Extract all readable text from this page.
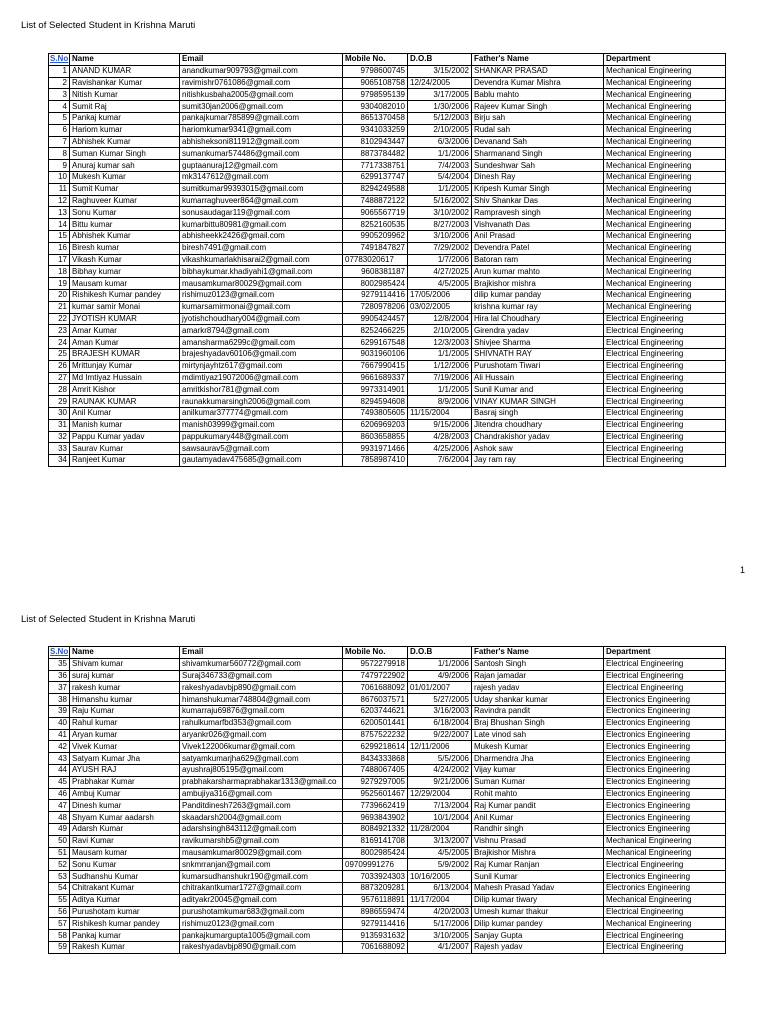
List of Selected Student in Krishna Maruti
S.No	Name	Email	Mobile No.	D.O.B	Father's Name	Department
1	ANAND KUMAR	anandkumar909793@gmail.com	9798600745	3/15/2002	SHANKAR PRASAD	Mechanical Engineering
2	Ravishankar Kumar	ravimishr0761086@gmail.com	9065108758	12/24/2005	Devendra Kumar Mishra	Mechanical Engineering
3	Nitish Kumar	nitishkusbaha2005@gmail.com	9798595139	3/17/2005	Bablu mahto	Mechanical Engineering
4	Sumit Raj	sumit30jan2006@gmail.com	9304082010	1/30/2006	Rajeev Kumar Singh	Mechanical Engineering
5	Pankaj kumar	pankajkumar785899@gmail.com	8651370458	5/12/2003	Birju sah	Mechanical Engineering
6	Hariom kumar	hariomkumar9341@gmail.com	9341033259	2/10/2005	Rudal sah	Mechanical Engineering
7	Abhishek Kumar	abhisheksoni811912@gmail.com	8102943447	6/3/2006	Devanand Sah	Mechanical Engineering
8	Suman Kumar Singh	sumankumar574486@gmail.com	8873784482	1/1/2006	Sharmanand Singh	Mechanical Engineering
9	Anuraj kumar sah	guptaanuraj12@gmail.com	7717338751	7/4/2003	Sundeshwar Sah	Mechanical Engineering
10	Mukesh Kumar	mk3147612@gmail.com	6299137747	5/4/2004	Dinesh Ray	Mechanical Engineering
11	Sumit Kumar	sumitkumar99393015@gmail.com	8294249588	1/1/2005	Kripesh Kumar Singh	Mechanical Engineering
12	Raghuveer Kumar	kumarraghuveer864@gmail.com	7488872122	5/16/2002	Shiv Shankar Das	Mechanical Engineering
13	Sonu Kumar	sonusaudagar119@gmail.com	9065567719	3/10/2002	Rampravesh singh	Mechanical Engineering
14	Bittu kumar	kumarbittu80981@gmail.com	8252160535	8/27/2003	Vishvanath Das	Mechanical Engineering
15	Abhishek Kumar	abhisheekk2426@gmail.com	9905209962	3/10/2006	Anil Prasad	Mechanical Engineering
16	Biresh kumar	biresh7491@gmail.com	7491847827	7/29/2002	Devendra Patel	Mechanical Engineering
17	Vikash Kumar	vikashkumarlakhisarai2@gmail.com	07783020617	1/7/2006	Batoran ram	Mechanical Engineering
18	Bibhay kumar	bibhaykumar.khadiyahi1@gmail.com	9608381187	4/27/2025	Arun kumar mahto	Mechanical Engineering
19	Mausam kumar	mausamkumar80029@gmail.com	8002985424	4/5/2005	Brajkishor mishra	Mechanical Engineering
20	Rishikesh Kumar pandey	rishimuz0123@gmail.com	9279114416	17/05/2006	dilip kumar panday	Mechanical Engineering
21	kumar samir Monai	kumarsamirmonai@gmail.com	7280978206	03/02/2005	krishna kumar ray	Mechanical Engineering
22	JYOTISH KUMAR	jyotishchoudhary004@gmail.com	9905424457	12/8/2004	Hira lal Choudhary	Electrical Engineering
23	Amar Kumar	amarkr8794@gmail.com	8252466225	2/10/2005	Girendra yadav	Electrical Engineering
24	Aman Kumar	amansharma6299c@gmail.com	6299167548	12/3/2003	Shivjee Sharma	Electrical Engineering
25	BRAJESH KUMAR	brajeshyadav60106@gmail.com	9031960106	1/1/2005	SHIVNATH RAY	Electrical Engineering
26	Mrittunjay Kumar	mirtynjayhtz617@gmail.com	7667990415	1/12/2006	Purushotam Tiwari	Electrical Engineering
27	Md Imtiyaz Hussain	mdimtiyaz19072006@gmail.com	9661689337	7/19/2006	Ali Hussain	Electrical Engineering
28	Amrit Kishor	amritkishor781@gmail.com	9973314901	1/1/2005	Sunil Kumar and	Electrical Engineering
29	RAUNAK KUMAR	raunakkumarsingh2006@gmail.com	8294594608	8/9/2006	VINAY KUMAR SINGH	Electrical Engineering
30	Anil Kumar	anilkumar377774@gmail.com	7493805605	11/15/2004	Basraj singh	Electrical Engineering
31	Manish kumar	manish03999@gmail.com	6206969203	9/15/2006	Jitendra choudhary	Electrical Engineering
32	Pappu Kumar yadav	pappukumary448@gmail.com	8603658855	4/28/2003	Chandrakishor yadav	Electrical Engineering
33	Saurav Kumar	sawsaurav5@gmail.com	9931971466	4/25/2006	Ashok saw	Electrical Engineering
34	Ranjeet Kumar	gautamyadav475685@gmail.com	7858987410	7/6/2004	Jay ram ray	Electrical Engineering
1
List of Selected Student in Krishna Maruti
S.No	Name	Email	Mobile No.	D.O.B	Father's Name	Department
35	Shivam kumar	shivamkumar560772@gmail.com	9572279918	1/1/2006	Santosh Singh	Electrical Engineering
36	suraj kumar	Suraj346733@gmail.com	7479722902	4/9/2006	Rajan jamadar	Electrical Engineering
37	rakesh kumar	rakeshyadavbjp890@gmail.com	7061688092	01/01/2007	rajesh yadav	Electrical Engineering
38	Himanshu kumar	himanshukumar748804@gmail.com	8676037571	5/27/2005	Uday shankar kumar	Electronics Engineering
39	Raju Kumar	kumarraju69876@gmail.com	6203744621	3/16/2003	Ravindra pandit	Electronics Engineering
40	Rahul kumar	rahulkumarfbd353@gmail.com	6200501441	6/18/2004	Braj Bhushan Singh	Electronics Engineering
41	Aryan kumar	aryankr026@gmail.com	8757522232	9/22/2007	Late vinod sah	Electronics Engineering
42	Vivek Kumar	Vivek122006kumar@gmail.com	6299218614	12/11/2006	Mukesh Kumar	Electronics Engineering
43	Satyam Kumar Jha	satyamkumarjha629@gmail.com	8434333868	5/5/2006	Dharmendra Jha	Electronics Engineering
44	AYUSH RAJ	ayushraj805195@gmail.com	7488067405	4/24/2002	Vijay kumar	Electronics Engineering
45	Prabhakar Kumar	prabhakarsharmaprabhakar1313@gmail.co	9279297005	9/21/2006	Suman Kumar	Electronics Engineering
46	Ambuj Kumar	ambujiya316@gmail.com	9525601467	12/29/2004	Rohit mahto	Electronics Engineering
47	Dinesh kumar	Panditdinesh7263@gmail.com	7739662419	7/13/2004	Raj Kumar pandit	Electronics Engineering
48	Shyam Kumar aadarsh	skaadarsh2004@gmail.com	9693843902	10/1/2004	Anil Kumar	Electronics Engineering
49	Adarsh Kumar	adarshsingh843112@gmail.com	8084921332	11/28/2004	Randhir singh	Electronics Engineering
50	Ravi Kumar	ravikumarshb5@gmail.com	8169141708	3/13/2007	Vishnu Prasad	Mechanical Engineering
51	Mausam kumar	mausamkumar80029@gmail.com	8002985424	4/5/2005	Brajkishor Mishra	Mechanical Engineering
52	Sonu Kumar	snkmrranjan@gmail.com	09709991276	5/9/2002	Raj Kumar Ranjan	Electrical Engineering
53	Sudhanshu Kumar	kumarsudhanshukr190@gmail.com	7033924303	10/16/2005	Sunil Kumar	Electronics Engineering
54	Chitrakant Kumar	chitrakantkumar1727@gmail.com	8873209281	6/13/2004	Mahesh Prasad Yadav	Electronics Engineering
55	Aditya Kumar	adityakr20045@gmail.com	9576118891	11/17/2004	Dilip kumar tiwary	Mechanical Engineering
56	Purushotam kumar	purushotamkumar683@gmail.com	8986559474	4/20/2003	Umesh kumar thakur	Electrical Engineering
57	Rishikesh kumar pandey	rishimuz0123@gmail.com	9279114416	5/17/2006	Dilip kumar pandey	Mechanical Engineering
58	Pankaj kumar	pankajkumargupta1005@gmail.com	9135931632	3/10/2005	Sanjay Gupta	Electrical Engineering
59	Rakesh Kumar	rakeshyadavbjp890@gmail.com	7061688092	4/1/2007	Rajesh yadav	Electrical Engineering
